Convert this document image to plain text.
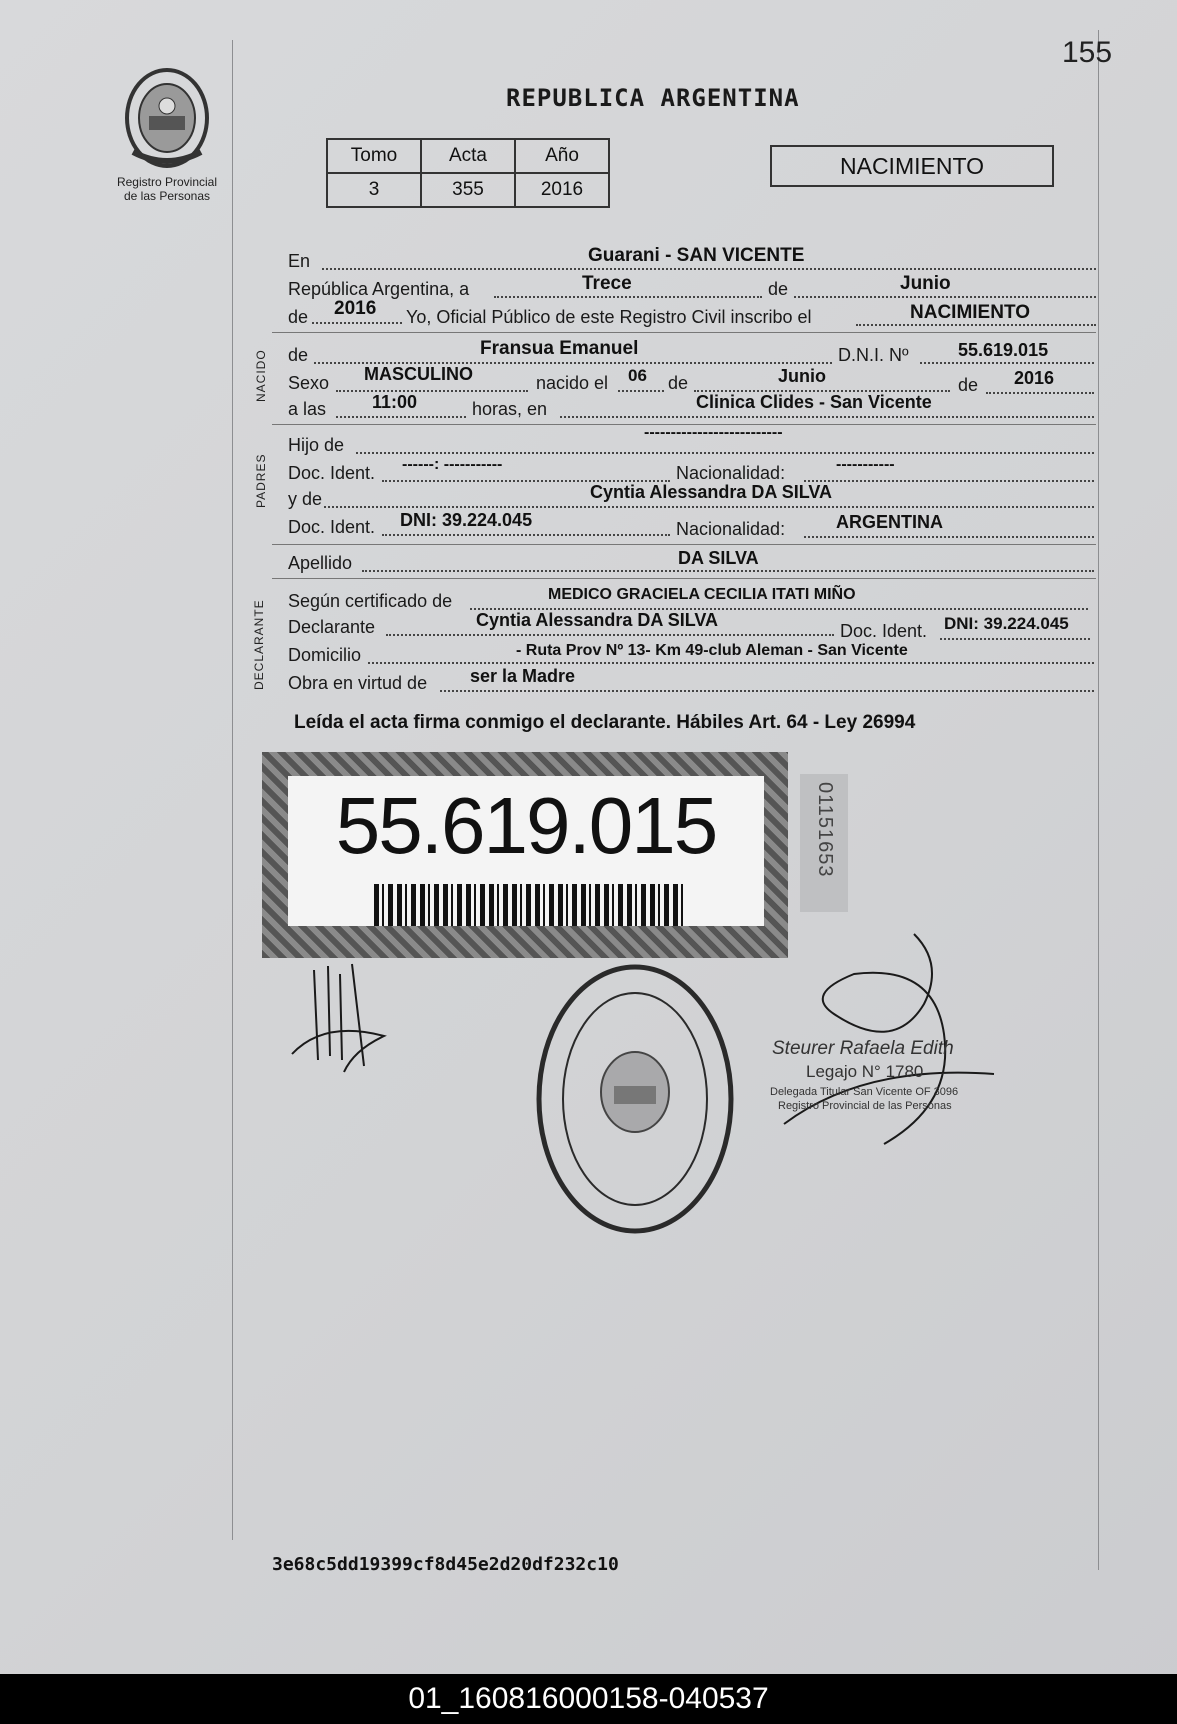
Registro Provincial
de las Personas
155
REPUBLICA ARGENTINA
Tomo	Acta	Año
3	355	2016
NACIMIENTO
En	Guarani - SAN VICENTE
República Argentina, a	Trece	de	Junio
de 2016 Yo, Oficial Público de este Registro Civil inscribo el	NACIMIENTO
NACIDO de	Fransua Emanuel	D.N.I. Nº	55.619.015
Sexo MASCULINO	nacido el 06 de	Junio	de 2016
a las	11:00	horas, en	Clinica Clides - San Vicente
PADRES
Hijo de
--------------------------
Doc. Ident. ------: -----------	Nacionalidad:	-----------
y de	Cyntia Alessandra DA SILVA
Doc. Ident. DNI: 39.224.045	Nacionalidad:	ARGENTINA
Apellido	DA SILVA
DECLARANTE Según certificado de	MEDICO GRACIELA CECILIA ITATI MIÑO
Declarante	Cyntia Alessandra DA SILVA
Doc. Ident. DNI: 39.224.045
Domicilio	- Ruta Prov Nº 13- Km 49-club Aleman - San Vicente
Obra en virtud de ser la Madre
Leída el acta firma conmigo el declarante. Hábiles Art. 64 - Ley 26994
55.619.015	01151653
Steurer Rafaela Edith
Legajo N° 1780
Delegada Titular San Vicente OF 3096
Registro Provincial de las Personas
3e68c5dd19399cf8d45e2d20df232c10
01_160816000158-040537
